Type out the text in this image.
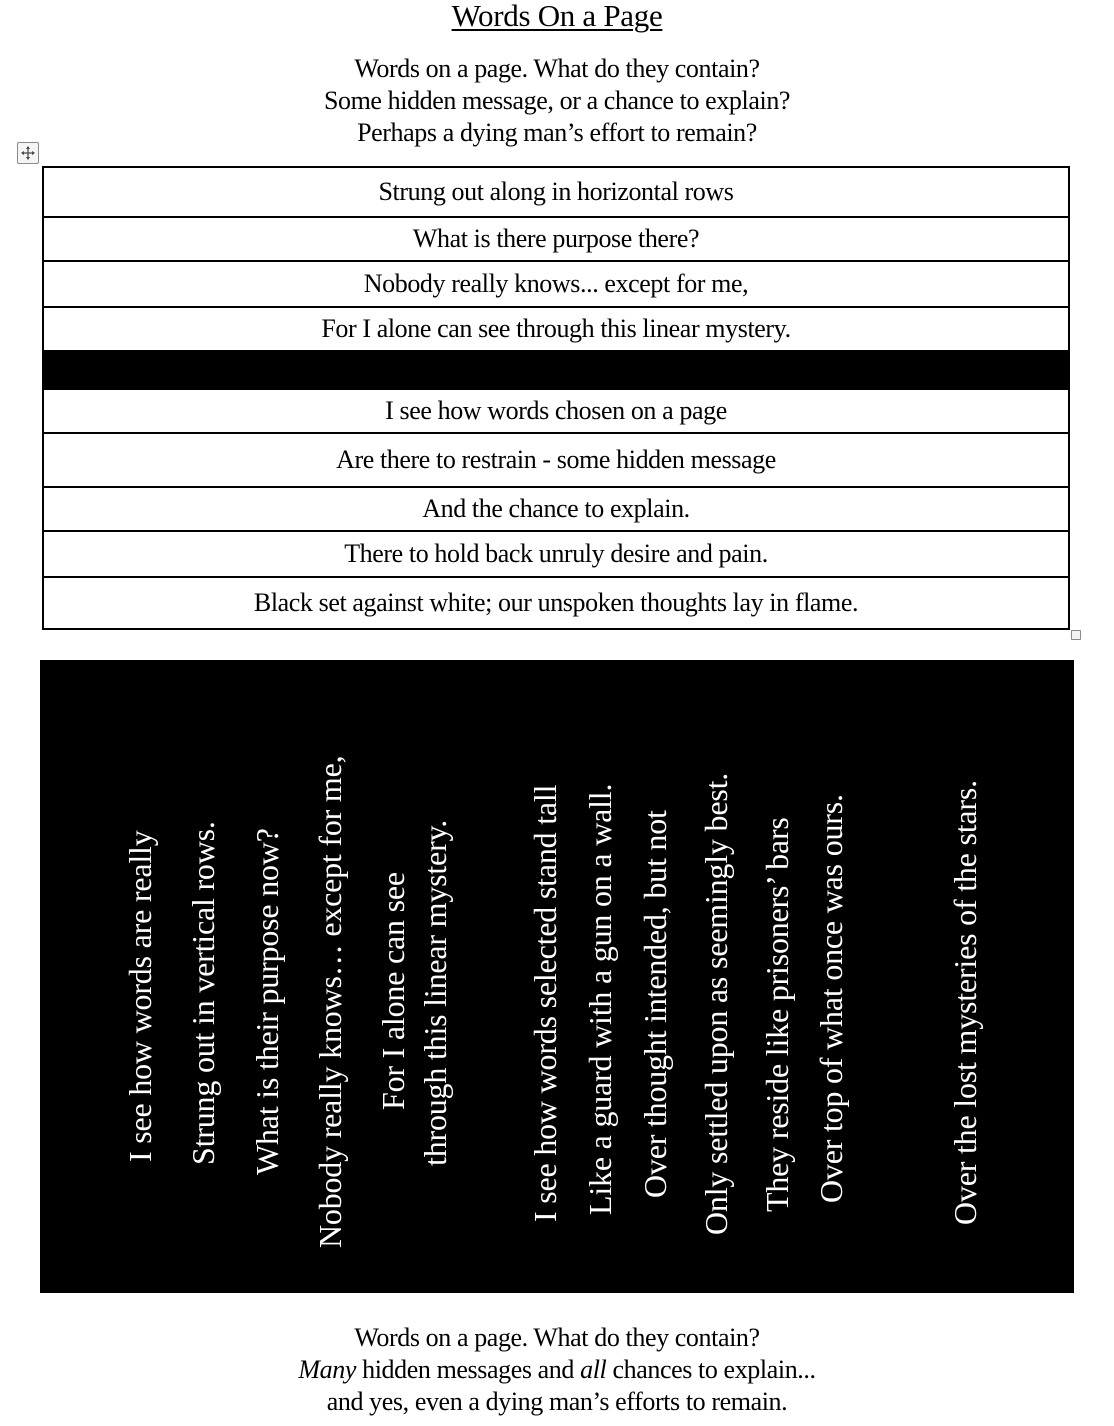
Words On a Page
Words on a page. What do they contain?
Some hidden message, or a chance to explain?
Perhaps a dying man’s effort to remain?
Strung out along in horizontal rows
What is there purpose there?
Nobody really knows... except for me,
For I alone can see through this linear mystery.

I see how words chosen on a page
Are there to restrain - some hidden message
And the chance to explain.
There to hold back unruly desire and pain.
Black set against white; our unspoken thoughts lay in flame.
I see how words are really Strung out in vertical rows. What is their purpose now? Nobody really knows… except for me, For I alone can see through this linear mystery. I see how words selected stand tall Like a guard with a gun on a wall. Over thought intended, but not Only settled upon as seemingly best. They reside like prisoners’ bars Over top of what once was ours.	Over the lost mysteries of the stars.
Words on a page. What do they contain?
Many hidden messages and all chances to explain...
and yes, even a dying man’s efforts to remain.
